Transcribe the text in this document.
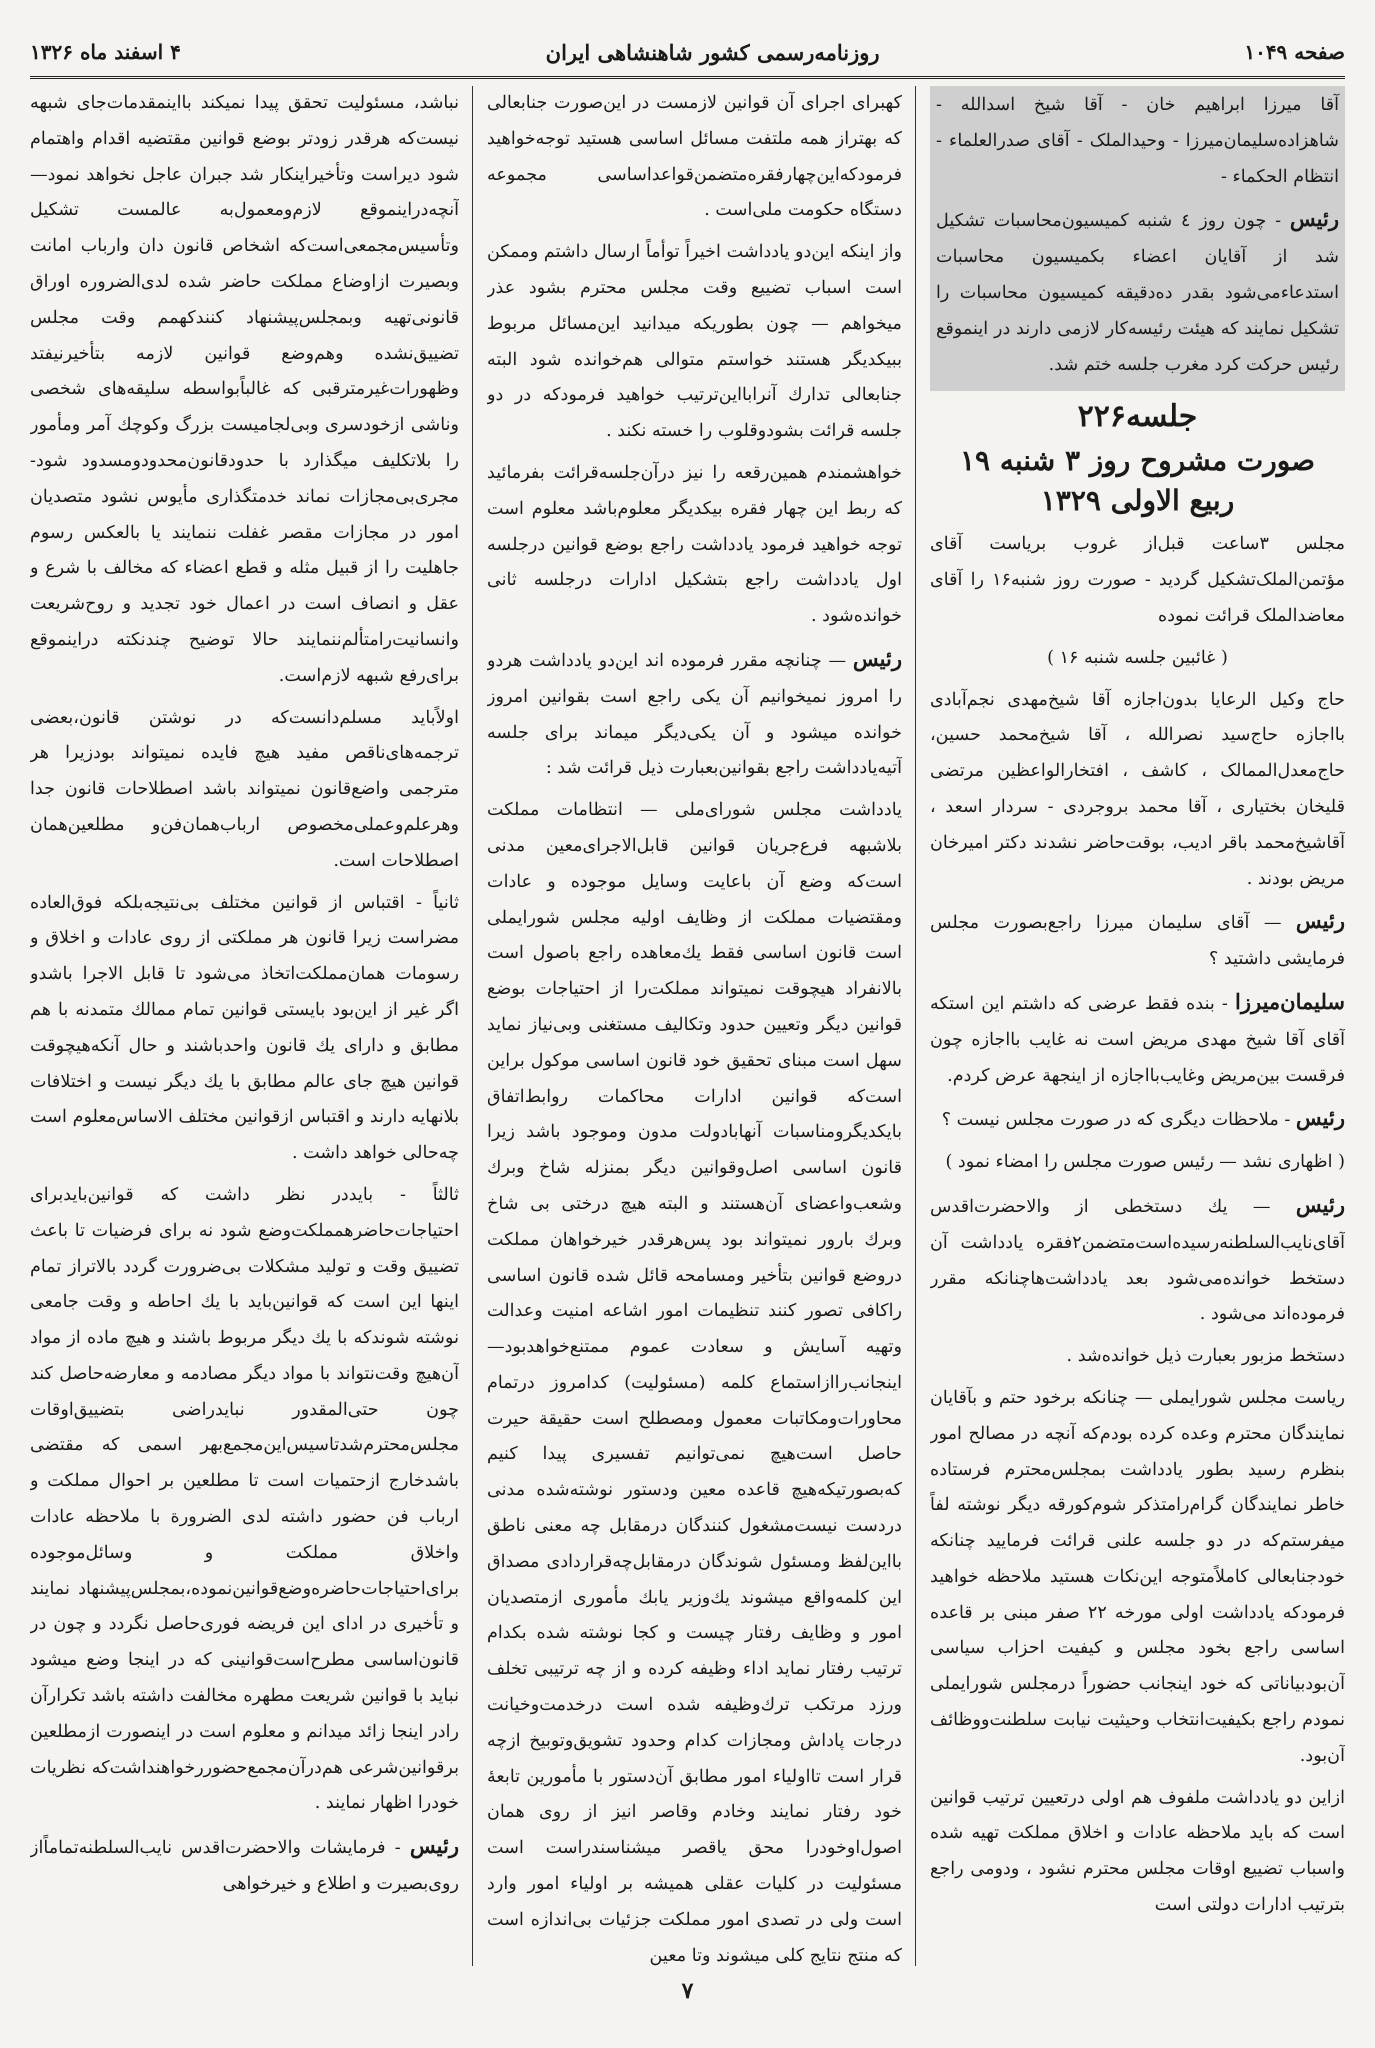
صفحه ۱۰۴۹
روزنامه‌رسمی کشور شاهنشاهی ایران
۴ اسفند ماه ۱۳۲۶

آقا میرزا ابراهیم خان - آقا شیخ اسدالله - شاهزاده‌سلیمان‌میرزا - وحیدالملک - آقای صدرالعلماء - انتظام الحکماء -

رئیس - چون روز ٤ شنبه کمیسیون‌محاسبات تشکیل شد از آقایان اعضاء بکمیسیون محاسبات استدعاءمی‌شود بقدر ده‌دقیقه کمیسیون محاسبات را تشکیل نمایند که هیئت رئیسه‌کار لازمی دارند در اینموقع رئیس حرکت کرد مغرب جلسه ختم شد.

جلسه۲۲۶
صورت مشروح روز ۳ شنبه ۱۹
ربیع الاولی ۱۳۲۹

مجلس ۳ساعت قبل‌از غروب بریاست آقای مؤتمن‌الملک‌تشکیل گردید - صورت روز شنبه۱۶ را آقای معاضدالملک قرائت نموده

( غائبین جلسه شنبه ۱۶ )

حاج وکیل الرعایا بدون‌اجازه آقا شیخ‌مهدی نجم‌آبادی بااجازه حاج‌سید نصرالله ، آقا شیخ‌محمد حسین، حاج‌معدل‌الممالک ، کاشف ، افتخارالواعظین مرتضی قلیخان بختیاری ، آقا محمد بروجردی - سردار اسعد ، آقاشیخ‌محمد باقر ادیب، بوقت‌حاضر نشدند دکتر امیرخان مریض بودند .

رئیس — آقای سلیمان میرزا راجع‌بصورت مجلس فرمایشی داشتید ؟

سلیمان‌میرزا - بنده فقط عرضی که داشتم این استکه آقای آقا شیخ مهدی مریض است نه غایب بااجازه چون فرقست بین‌مریض وغایب‌بااجازه از اینجهة عرض کردم.

رئیس - ملاحظات دیگری که در صورت مجلس نیست ؟

( اظهاری نشد — رئیس صورت مجلس را امضاء نمود )

رئیس — یك دستخطی از والاحضرت‌اقدس آقای‌نایب‌السلطنه‌رسیده‌است‌متضمن۲فقره یادداشت آن دستخط خوانده‌می‌شود بعد یادداشت‌ها‌چنانکه مقرر فرموده‌اند می‌شود .

دستخط مزبور بعبارت ذیل خوانده‌شد .

ریاست مجلس شورایملی — چنانکه برخود حتم و بآقایان نمایندگان محترم وعده کرده بودم‌که آنچه در مصالح امور بنظرم رسید بطور یادداشت بمجلس‌محترم فرستاده خاطر نمایندگان گرام‌رامتذکر شوم‌کورقه دیگر نوشته لفاً میفرستم‌که در دو جلسه علنی قرائت فرمایید چنانکه خودجنابعالی کاملاًمتوجه این‌نکات هستید ملاحظه خواهید فرمودکه یادداشت اولی مورخه ۲۲ صفر مبنی بر قاعده اساسی راجع بخود مجلس و کیفیت احزاب سیاسی آن‌بودبیاناتی که خود اینجانب حضوراً درمجلس شورایملی نمودم راجع بکیفیت‌انتخاب وحیثیت نیابت سلطنت‌ووظائف آن‌بود.

ازاین دو یادداشت ملفوف هم اولی در‌تعیین ترتیب قوانین است که باید ملاحظه عادات و اخلاق مملکت تهیه شده واسباب تضییع اوقات مجلس محترم نشود ، ودومی راجع بترتیب ادارات دولتی است

کهبرای اجرای آن قوانین لازمست در این‌صورت جنابعالی که بهتراز همه ملتفت مسائل اساسی هستید توجه‌خواهید فرمودکه‌این‌چهارفقره‌متضمن‌قواعداساسی مجموعه دستگاه حکومت ملی‌است .

واز اینکه این‌دو یادداشت اخیراً توأماً ارسال داشتم وممکن است اسباب تضییع وقت مجلس محترم بشود عذر میخواهم — چون بطوریکه میدانید این‌مسائل مربوط ببیکدیگر هستند خواستم متوالی هم‌خوانده شود البته جنابعالی تدارك آنرابااین‌ترتیب خواهید فرمودکه در دو جلسه قرائت بشودوقلوب را خسته نکند .

خواهشمندم همین‌رقعه را نیز در‌آن‌جلسه‌قرائت بفرمائید که ربط این چهار فقره بیکدیگر معلوم‌باشد معلوم است توجه خواهید فرمود یادداشت راجع بوضع قوانین درجلسه اول یادداشت راجع بتشکیل ادارات درجلسه ثانی خوانده‌شود .

رئیس — چنانچه مقرر فرموده اند این‌دو یادداشت هردو را امروز نمیخوانیم آن یکی راجع است بقوانین امروز خوانده میشود و آن یکی‌دیگر میماند برای جلسه آتیه‌یادداشت راجع بقوانین‌بعبارت ذیل قرائت شد :

یادداشت مجلس شورای‌ملی — انتظامات مملکت بلاشبهه فرع‌جریان قوانین قابل‌الاجرای‌معین مدنی است‌که وضع آن باعایت وسایل موجوده و عادات ومقتضیات مملکت از وظایف اولیه مجلس شورایملی است قانون اساسی فقط یك‌معاهده راجع باصول است بالانفراد هیچوقت نمیتواند مملکت‌را از احتیاجات بوضع قوانین دیگر وتعیین حدود وتکالیف مستغنی وبی‌نیاز نماید سهل است مبنای تحقیق خود قانون اساسی موکول براین است‌که قوانین ادارات محاکمات روابط‌اتفاق بایکدیگرومناسبات آنهابادولت مدون وموجود باشد زیرا قانون اساسی اصل‌وقوانین دیگر بمنزله شاخ وبرك وشعب‌واعضای آن‌هستند و البته هیچ درختی بی شاخ وبرك بارور نمیتواند بود پس‌هرقدر خیرخواهان مملکت دروضع قوانین بتأخیر ومسامحه قائل شده قانون اساسی راکافی تصور کنند تنظیمات امور اشاعه امنیت وعدالت وتهیه آسایش و سعادت عموم ممتنع‌خواهدبود— اینجانب‌رااز‌استماع کلمه (مسئولیت) کدامروز درتمام محاورات‌ومکاتبات معمول ومصطلح است حقیقة حیرت حاصل است‌هیچ نمی‌توانیم تفسیری پیدا کنیم که‌بصورتیکه‌هیچ قاعده معین ودستور نوشته‌شده مدنی دردست نیست‌مشغول کنندگان درمقابل چه معنی ناطق بااین‌لفظ ومسئول شوندگان درمقابل‌چه‌قراردادی مصداق این کلمه‌واقع میشوند یك‌وزیر یابك مأموری ازمتصدیان امور و وظایف رفتار چیست و کجا نوشته شده بکدام ترتیب رفتار نماید اداء وظیفه کرده و از چه ترتیبی تخلف ورزد مرتکب ترك‌وظیفه شده است درخدمت‌وخیانت درجات پاداش ومجازات کدام وحدود تشویق‌وتوبیخ ازچه قرار است تااولیاء امور مطابق آن‌دستور با مأمورین تابعهٔ خود رفتار نمایند وخادم وقاصر انیز از روی همان اصول‌اوخودرا محق یاقصر میشناسند‌راست است مسئولیت در کلیات عقلی همیشه بر اولیاء امور وارد است ولی در تصدی امور مملکت جزئیات بی‌اندازه است که منتج نتایج کلی میشوند وتا معین

نباشد، مسئولیت تحقق پیدا نمیکند بااینمقدمات‌جای شبهه نیست‌که هرقدر زودتر بوضع قوانین مقتضیه اقدام واهتمام شود دیراست وتأخیراینکار شد جبران عاجل نخواهد نمود— آنچه‌دراینموقع لازم‌ومعمول‌به عالمست تشکیل وتأسیس‌مجمعی‌است‌که اشخاص قانون دان وارباب امانت وبصیرت ازاوضاع مملکت حاضر شده لدی‌الضروره اوراق قانونی‌تهیه وبمجلس‌پیشنهاد کنندکهمم وقت مجلس تضییق‌نشده وهم‌وضع قوانین لازمه بتأخیرنیفتد وظهورات‌غیرمترقبی که غالباًبواسطه سلیقه‌های شخصی وناشی ازخودسری وبی‌لجامیست بزرگ وکوچك آمر ومأمور را بلاتکلیف میگذارد با حدودقانون‌محدودومسدود شود- مجری‌بی‌مجازات نماند خدمتگذاری مأیوس نشود متصدیان امور در مجازات مقصر غفلت ننمایند یا بالعکس رسوم جاهلیت را از قبیل مثله و قطع اعضاء که مخالف با شرع و عقل و انصاف است در اعمال خود تجدید و روح‌شریعت وانسانیت‌رامتألم‌ننمایند حالا توضیح چندنکته دراینموقع برای‌رفع شبهه لازم‌است.

اولاًباید مسلم‌دانست‌که در نوشتن قانون،بعضی ترجمه‌های‌ناقص مفید هیچ فایده نمیتواند بودزیرا هر مترجمی واضع‌قانون نمیتواند باشد اصطلاحات قانون جدا وهرعلم‌وعملی‌مخصوص ارباب‌همان‌فن‌و مطلعین‌همان اصطلاحات است.

ثانیاً - اقتباس از قوانین مختلف بی‌نتیجه‌بلکه فوق‌العاده مضراست زیرا قانون هر مملکتی از روی عادات و اخلاق و رسومات همان‌مملکت‌اتخاذ می‌شود تا قابل الاجرا باشدو اگر غیر از این‌بود بایستی قوانین تمام ممالك متمدنه با هم مطابق و دارای یك قانون واحدباشند و حال آنکه‌هیچوقت قوانین هیچ جای عالم مطابق با یك دیگر نیست و اختلافات بلانهایه دارند و اقتباس ازقوانین مختلف الاساس‌معلوم است چه‌حالی خواهد داشت .

ثالثاً - بایددر نظر داشت که قوانین‌بایدبرای احتیاجات‌حاضرهمملکت‌وضع شود نه برای فرضیات تا باعث تضییق وقت و تولید مشکلات بی‌ضرورت گردد بالاتراز تمام اینها این است که قوانین‌باید با یك احاطه و وقت جامعی نوشته شوندکه با یك دیگر مربوط باشند و هیچ ماده از مواد آن‌هیچ وقت‌نتواند با مواد دیگر مصادمه و معارضه‌حاصل کند چون حتی‌المقدور نبایدراضی بتضییق‌اوقات مجلس‌محترم‌شد‌تاسیس‌این‌مجمع‌بهر اسمی که مقتضی باشدخارج ازحتمیات است تا مطلعین بر احوال مملکت و ارباب فن حضور داشته لدی الضرورة با ملاحظه عادات واخلاق مملکت و وسائل‌موجوده برای‌احتیاجات‌حاضره‌وضع‌قوانین‌نموده،بمجلس‌پیشنهاد نمایند و تأخیری در ادای این فریضه فوری‌حاصل نگردد و چون در قانون‌اساسی مطرح‌است‌قوانینی که در اینجا وضع میشود نباید با قوانین شریعت مطهره مخالفت داشته باشد تکرارآن رادر اینجا زائد میدانم و معلوم است در اینصورت ازمطلعین برقوانین‌شرعی هم‌درآن‌مجمع‌حضوررخواهنداشت‌که نظریات خودرا اظهار نمایند .

رئیس - فرمایشات والاحضرت‌اقدس نایب‌السلطنه‌تماماًاز روی‌بصیرت و اطلاع و خیرخواهی

۷
